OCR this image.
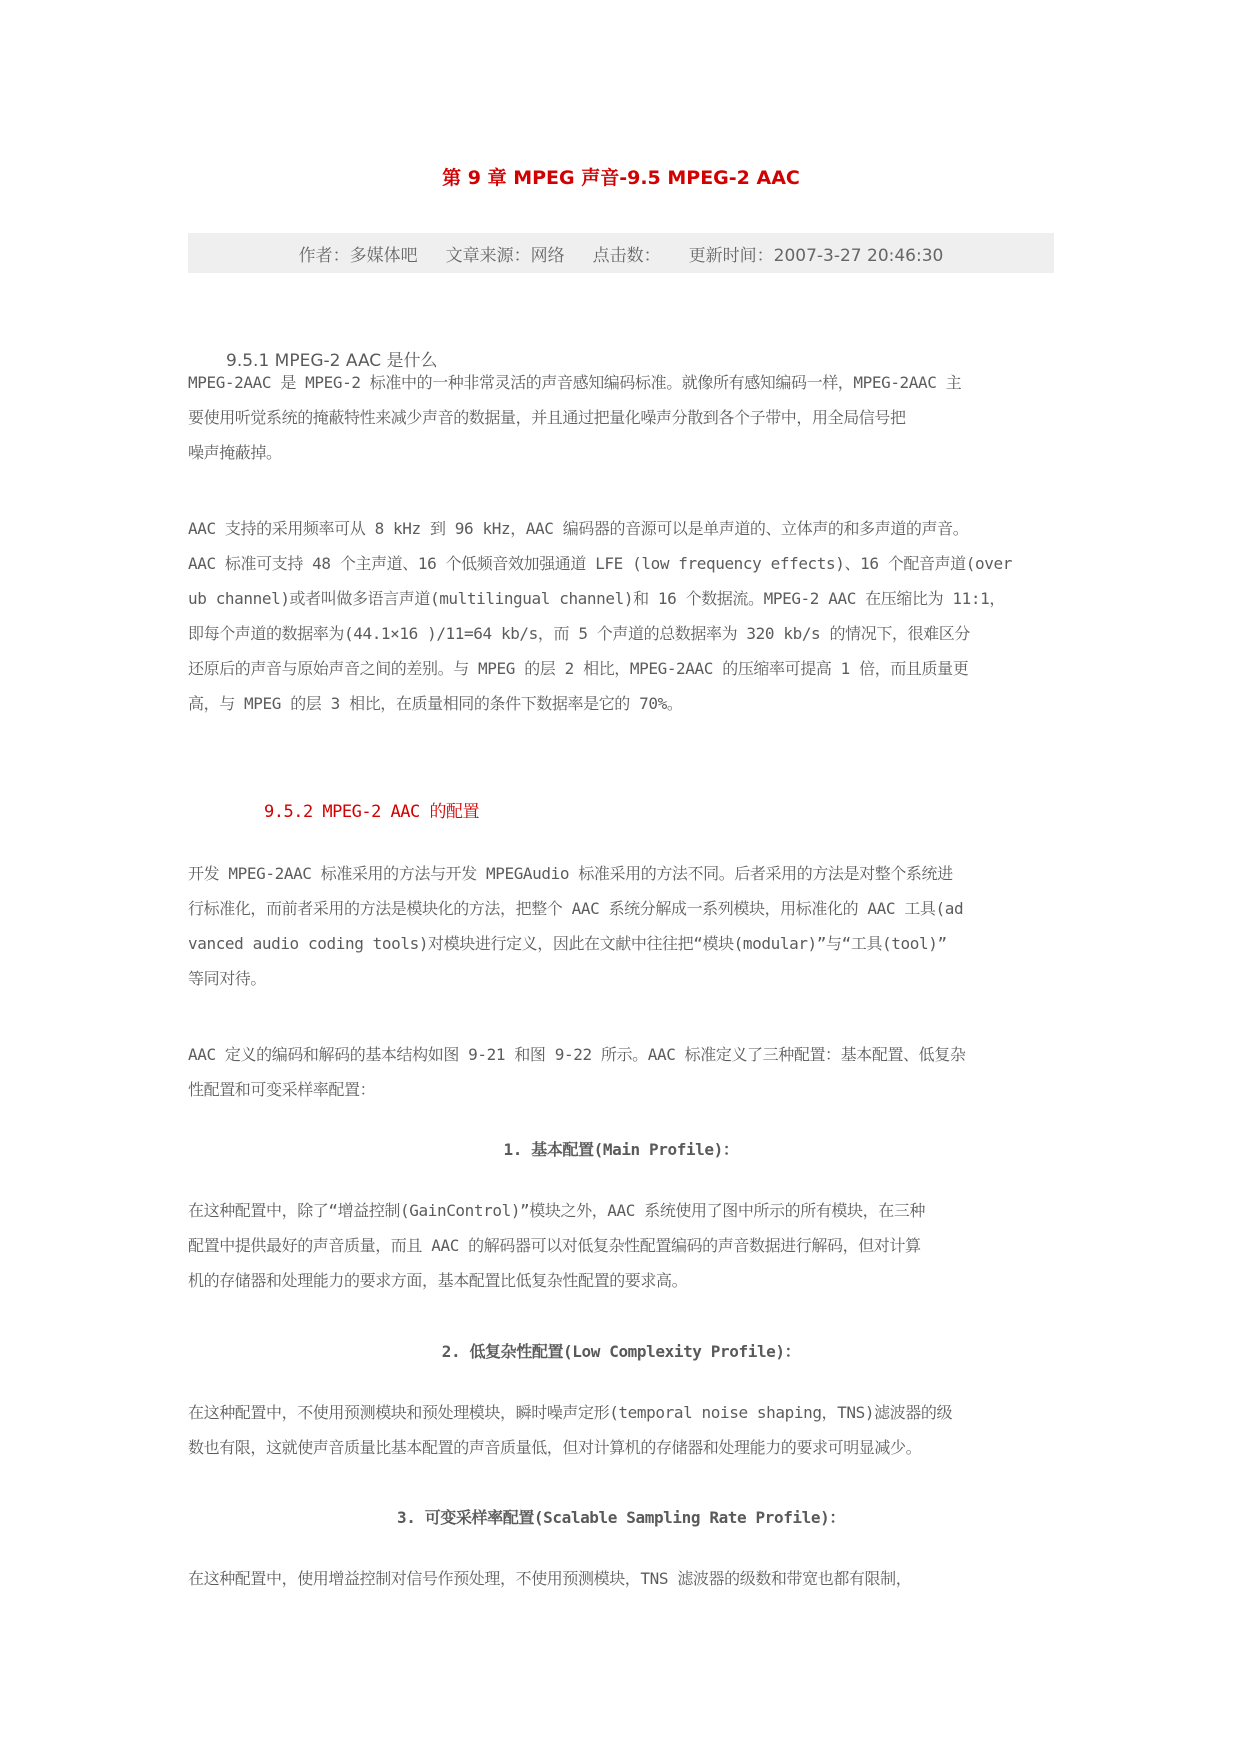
第 9 章 MPEG 声音-9.5 MPEG-2 AAC
作者：多媒体吧 文章来源：网络 点击数： 更新时间：2007-3-27 20:46:30
9.5.1 MPEG-2 AAC 是什么

MPEG-2AAC 是 MPEG-2 标准中的一种非常灵活的声音感知编码标准。就像所有感知编码一样，MPEG-2AAC 主

要使用听觉系统的掩蔽特性来减少声音的数据量，并且通过把量化噪声分散到各个子带中，用全局信号把

噪声掩蔽掉。

AAC 支持的采用频率可从 8 kHz 到 96 kHz，AAC 编码器的音源可以是单声道的、立体声的和多声道的声音。

AAC 标准可支持 48 个主声道、16 个低频音效加强通道 LFE (low frequency effects)、16 个配音声道(over

ub channel)或者叫做多语言声道(multilingual channel)和 16 个数据流。MPEG-2 AAC 在压缩比为 11:1，

即每个声道的数据率为(44.1×16 )/11=64 kb/s，而 5 个声道的总数据率为 320 kb/s 的情况下，很难区分

还原后的声音与原始声音之间的差别。与 MPEG 的层 2 相比，MPEG-2AAC 的压缩率可提高 1 倍，而且质量更

高，与 MPEG 的层 3 相比，在质量相同的条件下数据率是它的 70%。

9.5.2 MPEG-2 AAC 的配置

开发 MPEG-2AAC 标准采用的方法与开发 MPEGAudio 标准采用的方法不同。后者采用的方法是对整个系统进

行标准化，而前者采用的方法是模块化的方法，把整个 AAC 系统分解成一系列模块，用标准化的 AAC 工具(ad

vanced audio coding tools)对模块进行定义，因此在文献中往往把“模块(modular)”与“工具(tool)”

等同对待。

AAC 定义的编码和解码的基本结构如图 9-21 和图 9-22 所示。AAC 标准定义了三种配置：基本配置、低复杂

性配置和可变采样率配置：

1. 基本配置(Main Profile)：

在这种配置中，除了“增益控制(GainControl)”模块之外，AAC 系统使用了图中所示的所有模块，在三种

配置中提供最好的声音质量，而且 AAC 的解码器可以对低复杂性配置编码的声音数据进行解码，但对计算

机的存储器和处理能力的要求方面，基本配置比低复杂性配置的要求高。

2. 低复杂性配置(Low Complexity Profile)：

在这种配置中，不使用预测模块和预处理模块，瞬时噪声定形(temporal noise shaping，TNS)滤波器的级

数也有限，这就使声音质量比基本配置的声音质量低，但对计算机的存储器和处理能力的要求可明显减少。

3. 可变采样率配置(Scalable Sampling Rate Profile)：

在这种配置中，使用增益控制对信号作预处理，不使用预测模块，TNS 滤波器的级数和带宽也都有限制，
